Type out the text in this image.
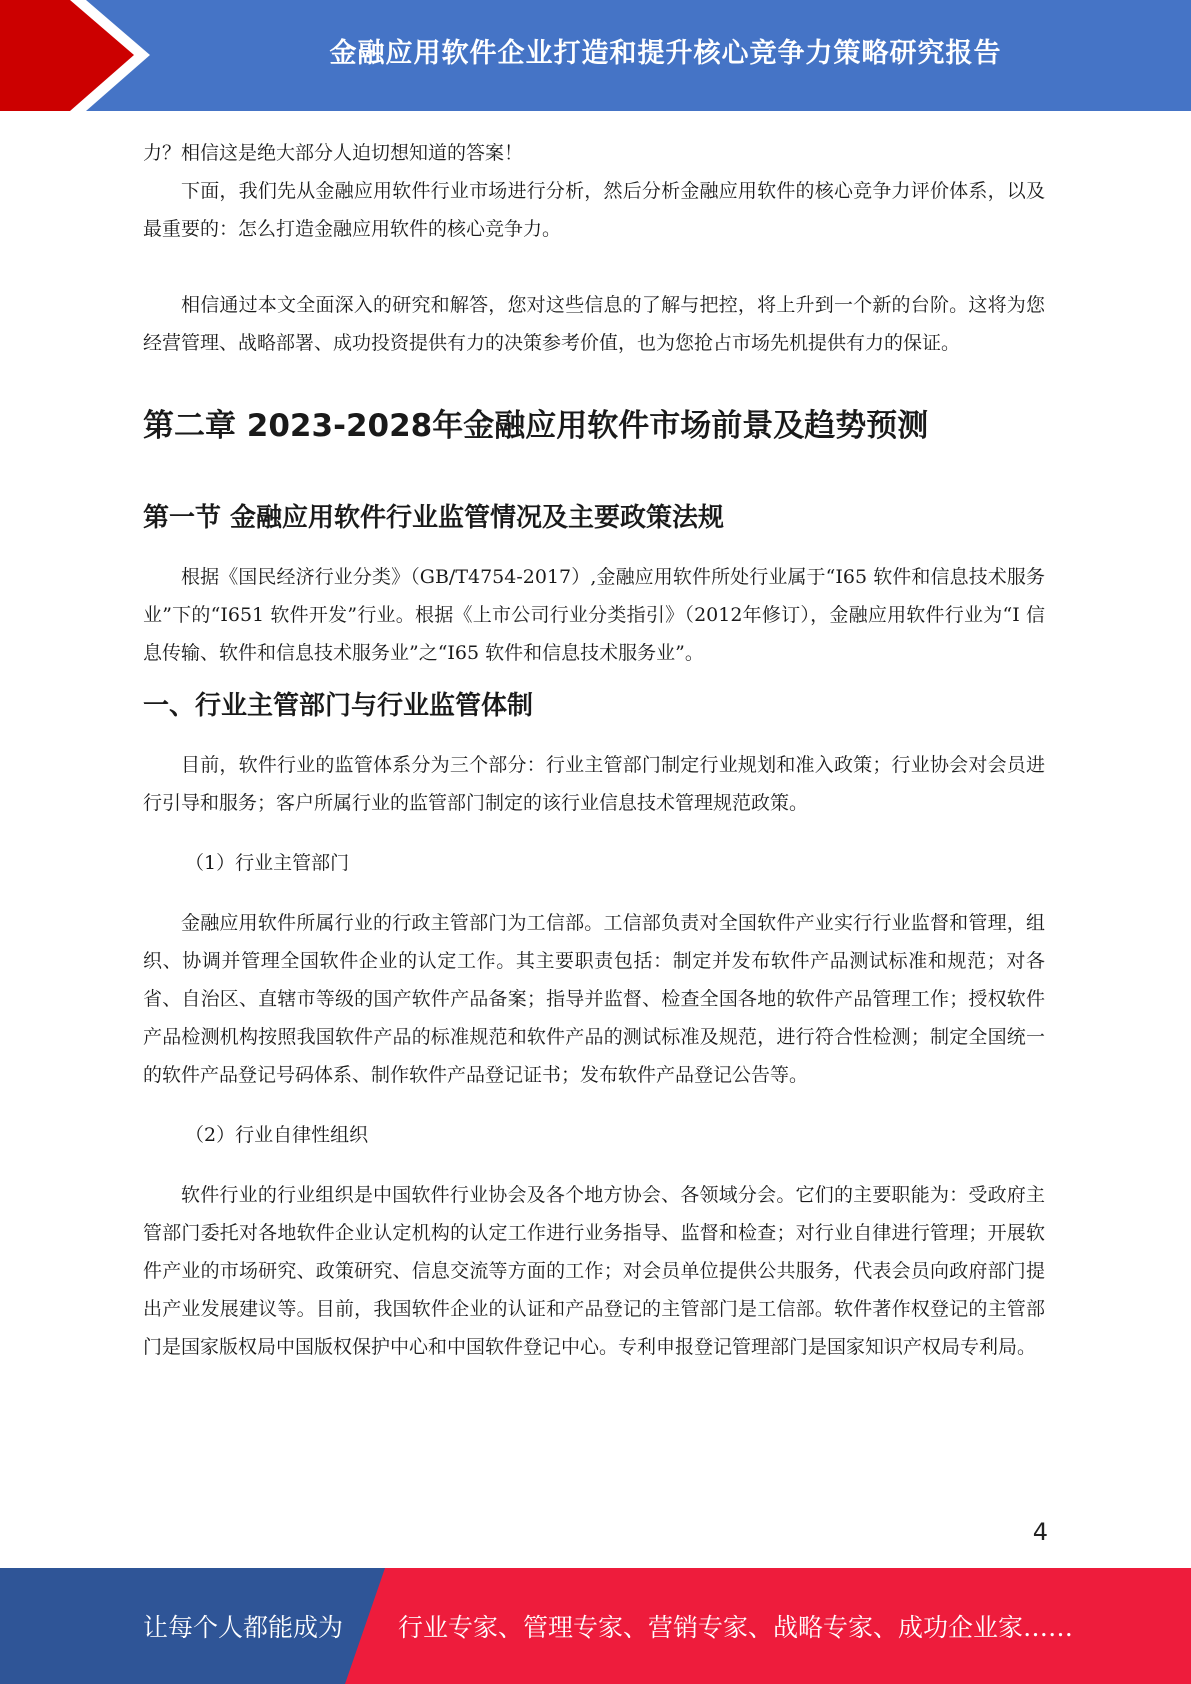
金融应用软件企业打造和提升核心竞争力策略研究报告

力？相信这是绝大部分人迫切想知道的答案！

下面，我们先从金融应用软件行业市场进行分析，然后分析金融应用软件的核心竞争力评价体系，以及最重要的：怎么打造金融应用软件的核心竞争力。

相信通过本文全面深入的研究和解答，您对这些信息的了解与把控，将上升到一个新的台阶。这将为您经营管理、战略部署、成功投资提供有力的决策参考价值，也为您抢占市场先机提供有力的保证。

第二章 2023-2028年金融应用软件市场前景及趋势预测
第一节 金融应用软件行业监管情况及主要政策法规

根据《国民经济行业分类》（GB/T4754-2017）,金融应用软件所处行业属于“I65 软件和信息技术服务业”下的“I651 软件开发”行业。根据《上市公司行业分类指引》（2012年修订），金融应用软件行业为“I 信息传输、软件和信息技术服务业”之“I65 软件和信息技术服务业”。

一、行业主管部门与行业监管体制

目前，软件行业的监管体系分为三个部分：行业主管部门制定行业规划和准入政策；行业协会对会员进行引导和服务；客户所属行业的监管部门制定的该行业信息技术管理规范政策。

（1）行业主管部门

金融应用软件所属行业的行政主管部门为工信部。工信部负责对全国软件产业实行行业监督和管理，组织、协调并管理全国软件企业的认定工作。其主要职责包括：制定并发布软件产品测试标准和规范；对各省、自治区、直辖市等级的国产软件产品备案；指导并监督、检查全国各地的软件产品管理工作；授权软件产品检测机构按照我国软件产品的标准规范和软件产品的测试标准及规范，进行符合性检测；制定全国统一的软件产品登记号码体系、制作软件产品登记证书；发布软件产品登记公告等。

（2）行业自律性组织

软件行业的行业组织是中国软件行业协会及各个地方协会、各领域分会。它们的主要职能为：受政府主管部门委托对各地软件企业认定机构的认定工作进行业务指导、监督和检查；对行业自律进行管理；开展软件产业的市场研究、政策研究、信息交流等方面的工作；对会员单位提供公共服务，代表会员向政府部门提出产业发展建议等。目前，我国软件企业的认证和产品登记的主管部门是工信部。软件著作权登记的主管部门是国家版权局中国版权保护中心和中国软件登记中心。专利申报登记管理部门是国家知识产权局专利局。

4
让每个人都能成为 行业专家、管理专家、营销专家、战略专家、成功企业家……
